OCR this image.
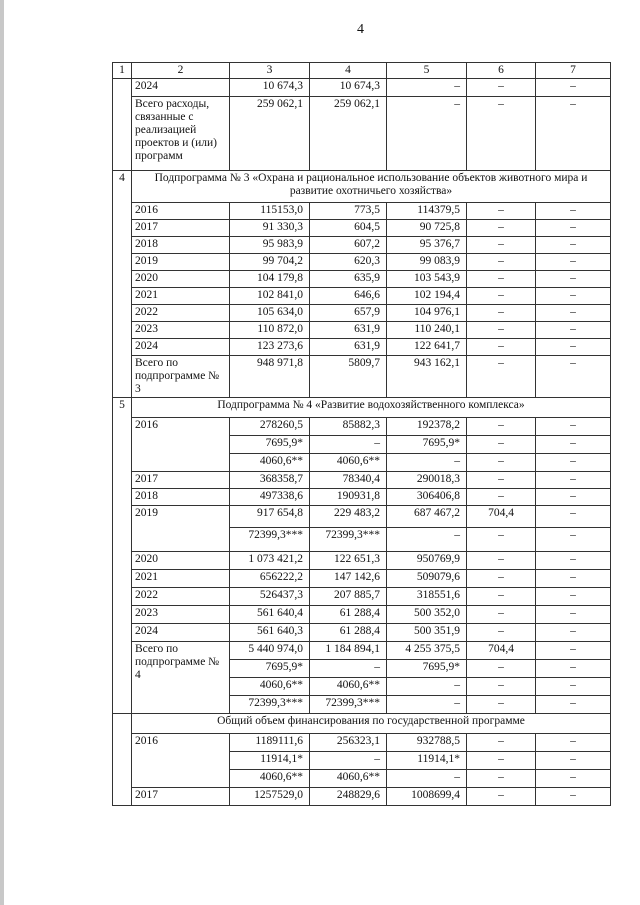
4
1	2	3	4	5	6	7
	2024	10 674,3	10 674,3	–	–	–
	Всего расходы, связанные с реализацией проектов и (или) программ	259 062,1	259 062,1	–	–	–
4	Подпрограмма № 3 «Охрана и рациональное использование объектов животного мира и развитие охотничьего хозяйства»					
	2016	115153,0	773,5	114379,5	–	–
	2017	91 330,3	604,5	90 725,8	–	–
	2018	95 983,9	607,2	95 376,7	–	–
	2019	99 704,2	620,3	99 083,9	–	–
	2020	104 179,8	635,9	103 543,9	–	–
	2021	102 841,0	646,6	102 194,4	–	–
	2022	105 634,0	657,9	104 976,1	–	–
	2023	110 872,0	631,9	110 240,1	–	–
	2024	123 273,6	631,9	122 641,7	–	–
	Всего по подпрограмме № 3	948 971,8	5809,7	943 162,1	–	–
5	Подпрограмма № 4 «Развитие водохозяйственного комплекса»					
	2016	278260,5	85882,3	192378,2	–	–
		7695,9*	–	7695,9*	–	–
		4060,6**	4060,6**	–	–	–
	2017	368358,7	78340,4	290018,3	–	–
	2018	497338,6	190931,8	306406,8	–	–
	2019	917 654,8	229 483,2	687 467,2	704,4	–
		72399,3***	72399,3***	–	–	–
	2020	1 073 421,2	122 651,3	950769,9	–	–
	2021	656222,2	147 142,6	509079,6	–	–
	2022	526437,3	207 885,7	318551,6	–	–
	2023	561 640,4	61 288,4	500 352,0	–	–
	2024	561 640,3	61 288,4	500 351,9	–	–
	Всего по подпрограмме № 4	5 440 974,0	1 184 894,1	4 255 375,5	704,4	–
		7695,9*	–	7695,9*	–	–
		4060,6**	4060,6**	–	–	–
		72399,3***	72399,3***	–	–	–
	Общий объем финансирования по государственной программе					
	2016	1189111,6	256323,1	932788,5	–	–
		11914,1*	–	11914,1*	–	–
		4060,6**	4060,6**	–	–	–
	2017	1257529,0	248829,6	1008699,4	–	–
